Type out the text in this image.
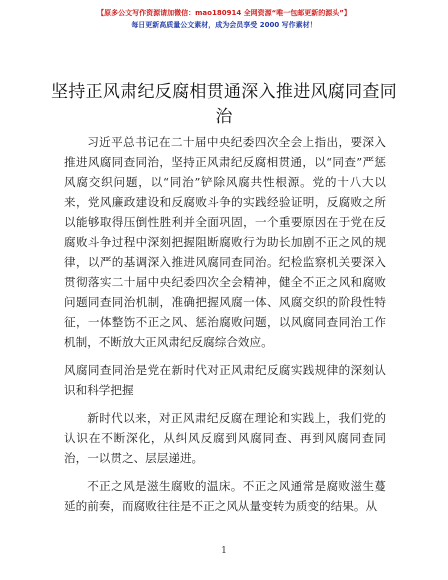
【原多公文写作资源请加微信：mao180914 全网资源“唯一包邮更新的源头”】
每日更新高质量公文素材，成为会员享受 2000 写作素材！
坚持正风肃纪反腐相贯通深入推进风腐同查同治

习近平总书记在二十届中央纪委四次全会上指出，要深入推进风腐同查同治，坚持正风肃纪反腐相贯通，以“同查”严惩风腐交织问题，以“同治”铲除风腐共性根源。党的十八大以来，党风廉政建设和反腐败斗争的实践经验证明，反腐败之所以能够取得压倒性胜利并全面巩固，一个重要原因在于党在反腐败斗争过程中深刻把握阻断腐败行为助长加剧不正之风的规律，以严的基调深入推进风腐同查同治。纪检监察机关要深入贯彻落实二十届中央纪委四次全会精神，健全不正之风和腐败问题同查同治机制，准确把握风腐一体、风腐交织的阶段性特征，一体整饬不正之风、惩治腐败问题，以风腐同查同治工作机制，不断放大正风肃纪反腐综合效应。

风腐同查同治是党在新时代对正风肃纪反腐实践规律的深刻认识和科学把握

新时代以来，对正风肃纪反腐在理论和实践上，我们党的认识在不断深化，从纠风反腐到风腐同查、再到风腐同查同治，一以贯之、层层递进。

不正之风是滋生腐败的温床。不正之风通常是腐败滋生蔓延的前奏，而腐败往往是不正之风从量变转为质变的结果。从

1
